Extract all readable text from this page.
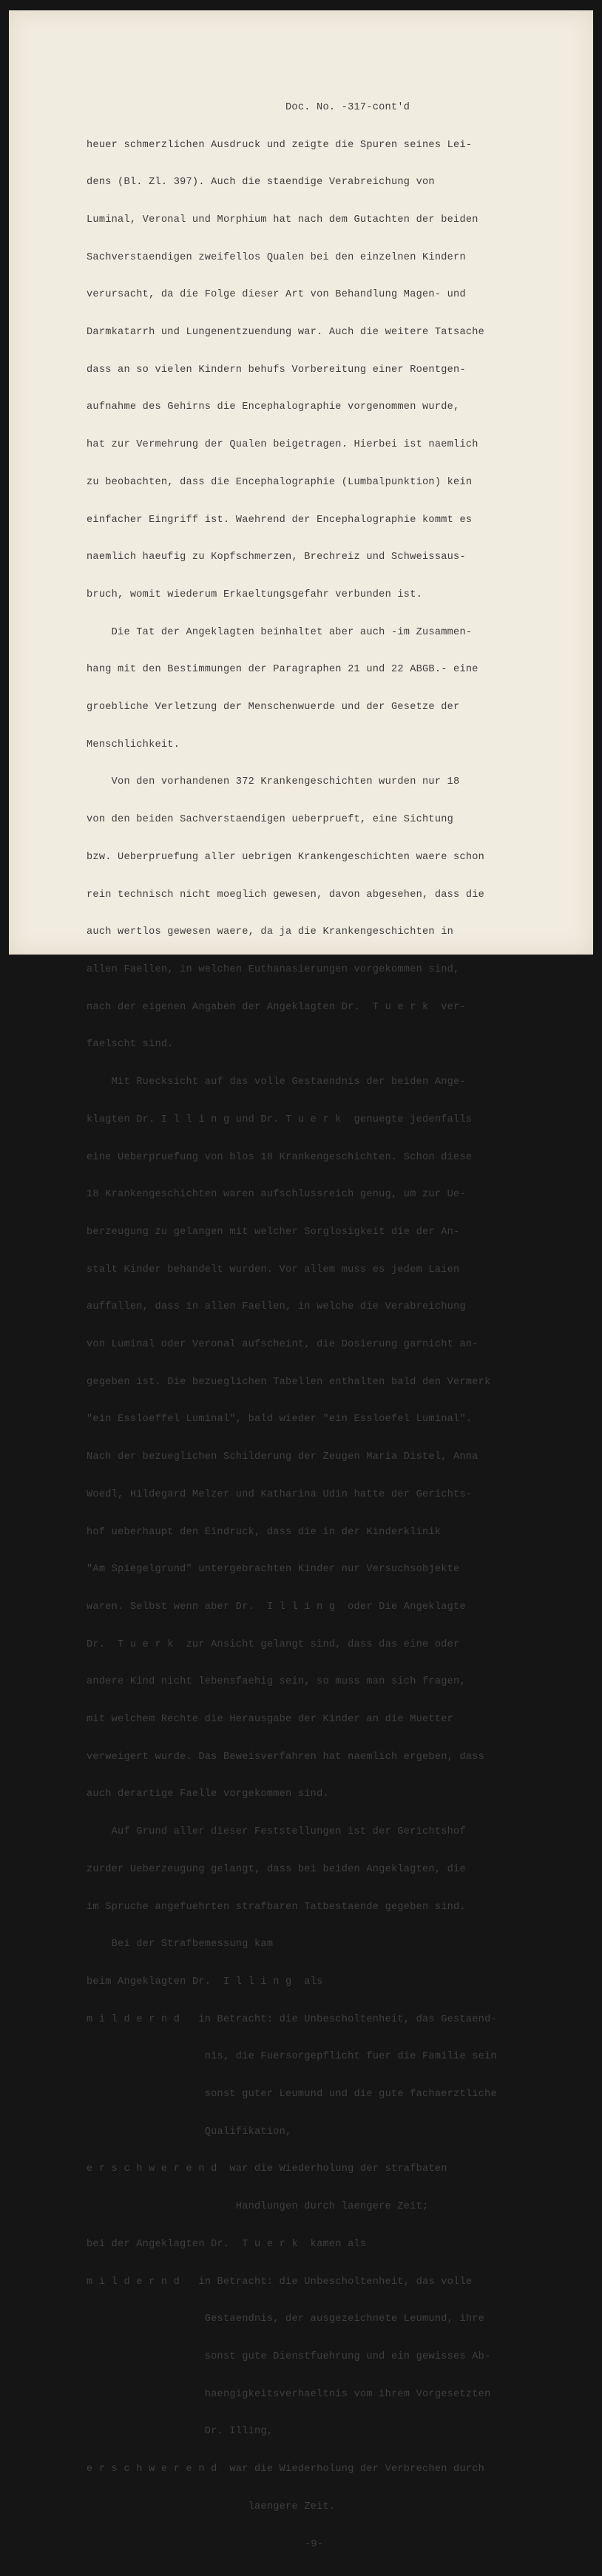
Doc. No. -317-cont'd

heuer schmerzlichen Ausdruck und zeigte die Spuren seines Lei-

dens (Bl. Zl. 397). Auch die staendige Verabreichung von

Luminal, Veronal und Morphium hat nach dem Gutachten der beiden

Sachverstaendigen zweifellos Qualen bei den einzelnen Kindern

verursacht, da die Folge dieser Art von Behandlung Magen- und

Darmkatarrh und Lungenentzuendung war. Auch die weitere Tatsache

dass an so vielen Kindern behufs Vorbereitung einer Roentgen-

aufnahme des Gehirns die Encephalographie vorgenommen wurde,

hat zur Vermehrung der Qualen beigetragen. Hierbei ist naemlich

zu beobachten, dass die Encephalographie (Lumbalpunktion) kein

einfacher Eingriff ist. Waehrend der Encephalographie kommt es

naemlich haeufig zu Kopfschmerzen, Brechreiz und Schweissaus-

bruch, womit wiederum Erkaeltungsgefahr verbunden ist.

Die Tat der Angeklagten beinhaltet aber auch -im Zusammen-

hang mit den Bestimmungen der Paragraphen 21 und 22 ABGB.- eine

groebliche Verletzung der Menschenwuerde und der Gesetze der

Menschlichkeit.

Von den vorhandenen 372 Krankengeschichten wurden nur 18

von den beiden Sachverstaendigen ueberprueft, eine Sichtung

bzw. Ueberpruefung aller uebrigen Krankengeschichten waere schon

rein technisch nicht moeglich gewesen, davon abgesehen, dass die

auch wertlos gewesen waere, da ja die Krankengeschichten in

allen Faellen, in welchen Euthanasierungen vorgekommen sind,

nach der eigenen Angaben der Angeklagten Dr.  T u e r k  ver-

faelscht sind.

Mit Ruecksicht auf das volle Gestaendnis der beiden Ange-

klagten Dr. I l l i n g und Dr. T u e r k  genuegte jedenfalls

eine Ueberpruefung von blos 18 Krankengeschichten. Schon diese

18 Krankengeschichten waren aufschlussreich genug, um zur Ue-

berzeugung zu gelangen mit welcher Sorglosigkeit die der An-

stalt Kinder behandelt wurden. Vor allem muss es jedem Laien

auffallen, dass in allen Faellen, in welche die Verabreichung

von Luminal oder Veronal aufscheint, die Dosierung garnicht an-

gegeben ist. Die bezueglichen Tabellen enthalten bald den Vermerk

"ein Essloeffel Luminal", bald wieder "ein Essloefel Luminal".

Nach der bezueglichen Schilderung der Zeugen Maria Distel, Anna

Woedl, Hildegard Melzer und Katharina Udin hatte der Gerichts-

hof ueberhaupt den Eindruck, dass die in der Kinderklinik

"Am Spiegelgrund" untergebrachten Kinder nur Versuchsobjekte

waren. Selbst wenn aber Dr.  I l l i n g  oder Die Angeklagte

Dr.  T u e r k  zur Ansicht gelangt sind, dass das eine oder

andere Kind nicht lebensfaehig sein, so muss man sich fragen,

mit welchem Rechte die Herausgabe der Kinder an die Muetter

verweigert wurde. Das Beweisverfahren hat naemlich ergeben, dass

auch derartige Faelle vorgekommen sind.

Auf Grund aller dieser Feststellungen ist der Gerichtshof

zurder Ueberzeugung gelangt, dass bei beiden Angeklagten, die

im Spruche angefuehrten strafbaren Tatbestaende gegeben sind.

Bei der Strafbemessung kam

beim Angeklagten Dr.  I l l i n g  als

m i l d e r n d   in Betracht: die Unbescholtenheit, das Gestaend-

nis, die Fuersorgepflicht fuer die Familie sein

sonst guter Leumund und die gute fachaerztliche

Qualifikation,

e r s c h w e r e n d  war die Wiederholung der strafbaten

Handlungen durch laengere Zeit;

bei der Angeklagten Dr.  T u e r k  kamen als

m i l d e r n d   in Betracht: die Unbescholtenheit, das volle

Gestaendnis, der ausgezeichnete Leumund, ihre

sonst gute Dienstfuehrung und ein gewisses Ab-

haengigkeitsverhaeltnis vom ihrem Vorgesetzten

Dr. Illing,

e r s c h w e r e n d  war die Wiederholung der Verbrechen durch

laengere Zeit.

-9-
